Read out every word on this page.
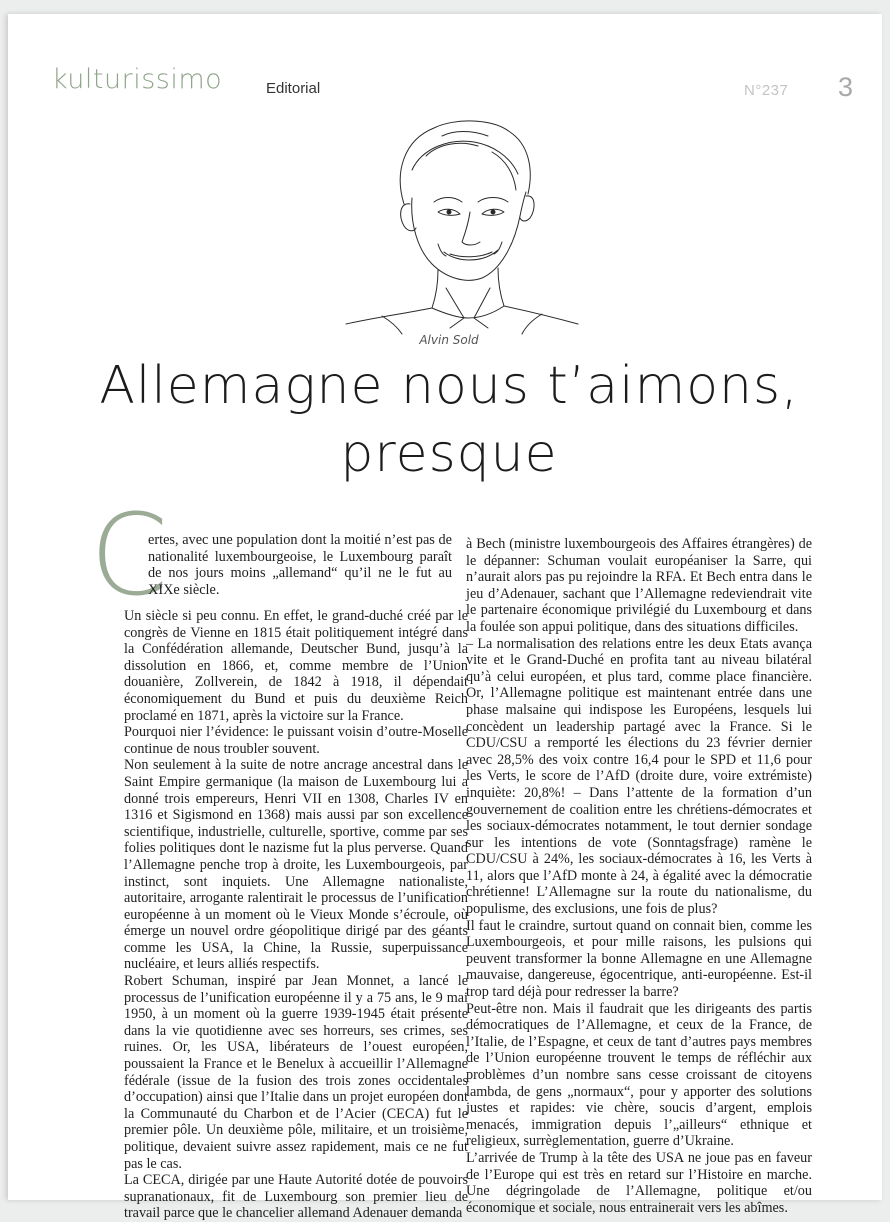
kulturissimo	Editorial	N°237 3
Alvin Sold
Allemagne nous t’aimons,
presque
C
ertes, avec une population dont la moitié n’est pas de nationalité luxembourgeoise, le Luxembourg paraît de nos jours moins „allemand“ qu’il ne le fut au XIXe siècle.

Un siècle si peu connu. En effet, le grand-duché créé par le congrès de Vienne en 1815 était politiquement intégré dans la Confédération allemande, Deutscher Bund, jusqu’à la dissolution en 1866, et, comme membre de l’Union douanière, Zollverein, de 1842 à 1918, il dépendait économiquement du Bund et puis du deuxième Reich proclamé en 1871, après la victoire sur la France.

Pourquoi nier l’évidence: le puissant voisin d’outre-Moselle continue de nous troubler souvent.

Non seulement à la suite de notre ancrage ancestral dans le Saint Empire germanique (la maison de Luxembourg lui a donné trois empereurs, Henri VII en 1308, Charles IV en 1316 et Sigismond en 1368) mais aussi par son excellence scientifique, industrielle, culturelle, sportive, comme par ses folies politiques dont le nazisme fut la plus perverse. Quand l’Allemagne penche trop à droite, les Luxembourgeois, par instinct, sont inquiets. Une Allemagne nationaliste, autoritaire, arrogante ralentirait le processus de l’unification européenne à un moment où le Vieux Monde s’écroule, où émerge un nouvel ordre géopolitique dirigé par des géants comme les USA, la Chine, la Russie, superpuissance nucléaire, et leurs alliés respectifs.

Robert Schuman, inspiré par Jean Monnet, a lancé le processus de l’unification européenne il y a 75 ans, le 9 mai 1950, à un moment où la guerre 1939-1945 était présente dans la vie quotidienne avec ses horreurs, ses crimes, ses ruines. Or, les USA, libérateurs de l’ouest européen, poussaient la France et le Benelux à accueillir l’Allemagne fédérale (issue de la fusion des trois zones occidentales d’occupation) ainsi que l’Italie dans un projet européen dont la Communauté du Charbon et de l’Acier (CECA) fut le premier pôle. Un deuxième pôle, militaire, et un troisième, politique, devaient suivre assez rapidement, mais ce ne fut pas le cas.

La CECA, dirigée par une Haute Autorité dotée de pouvoirs supranationaux, fit de Luxembourg son premier lieu de travail parce que le chancelier allemand Adenauer demanda

à Bech (ministre luxembourgeois des Affaires étrangères) de le dépanner: Schuman voulait européaniser la Sarre, qui n’aurait alors pas pu rejoindre la RFA. Et Bech entra dans le jeu d’Adenauer, sachant que l’Allemagne redeviendrait vite le partenaire économique privilégié du Luxembourg et dans la foulée son appui politique, dans des situations difficiles.

– La normalisation des relations entre les deux Etats avança vite et le Grand-Duché en profita tant au niveau bilatéral qu’à celui européen, et plus tard, comme place financière. Or, l’Allemagne politique est maintenant entrée dans une phase malsaine qui indispose les Européens, lesquels lui concèdent un leadership partagé avec la France. Si le CDU/CSU a remporté les élections du 23 février dernier avec 28,5% des voix contre 16,4 pour le SPD et 11,6 pour les Verts, le score de l’AfD (droite dure, voire extrémiste) inquiète: 20,8%! – Dans l’attente de la formation d’un gouvernement de coalition entre les chrétiens-démocrates et les sociaux-démocrates notamment, le tout dernier sondage sur les intentions de vote (Sonntagsfrage) ramène le CDU/CSU à 24%, les sociaux-démocrates à 16, les Verts à 11, alors que l’AfD monte à 24, à égalité avec la démocratie chrétienne! L’Allemagne sur la route du nationalisme, du populisme, des exclusions, une fois de plus?

Il faut le craindre, surtout quand on connait bien, comme les Luxembourgeois, et pour mille raisons, les pulsions qui peuvent transformer la bonne Allemagne en une Allemagne mauvaise, dangereuse, égocentrique, anti-européenne. Est-il trop tard déjà pour redresser la barre?

Peut-être non. Mais il faudrait que les dirigeants des partis démocratiques de l’Allemagne, et ceux de la France, de l’Italie, de l’Espagne, et ceux de tant d’autres pays membres de l’Union européenne trouvent le temps de réfléchir aux problèmes d’un nombre sans cesse croissant de citoyens lambda, de gens „normaux“, pour y apporter des solutions justes et rapides: vie chère, soucis d’argent, emplois menacés, immigration depuis l’„ailleurs“ ethnique et religieux, surrèglementation, guerre d’Ukraine.

L’arrivée de Trump à la tête des USA ne joue pas en faveur de l’Europe qui est très en retard sur l’Histoire en marche. Une dégringolade de l’Allemagne, politique et/ou économique et sociale, nous entrainerait vers les abîmes.
